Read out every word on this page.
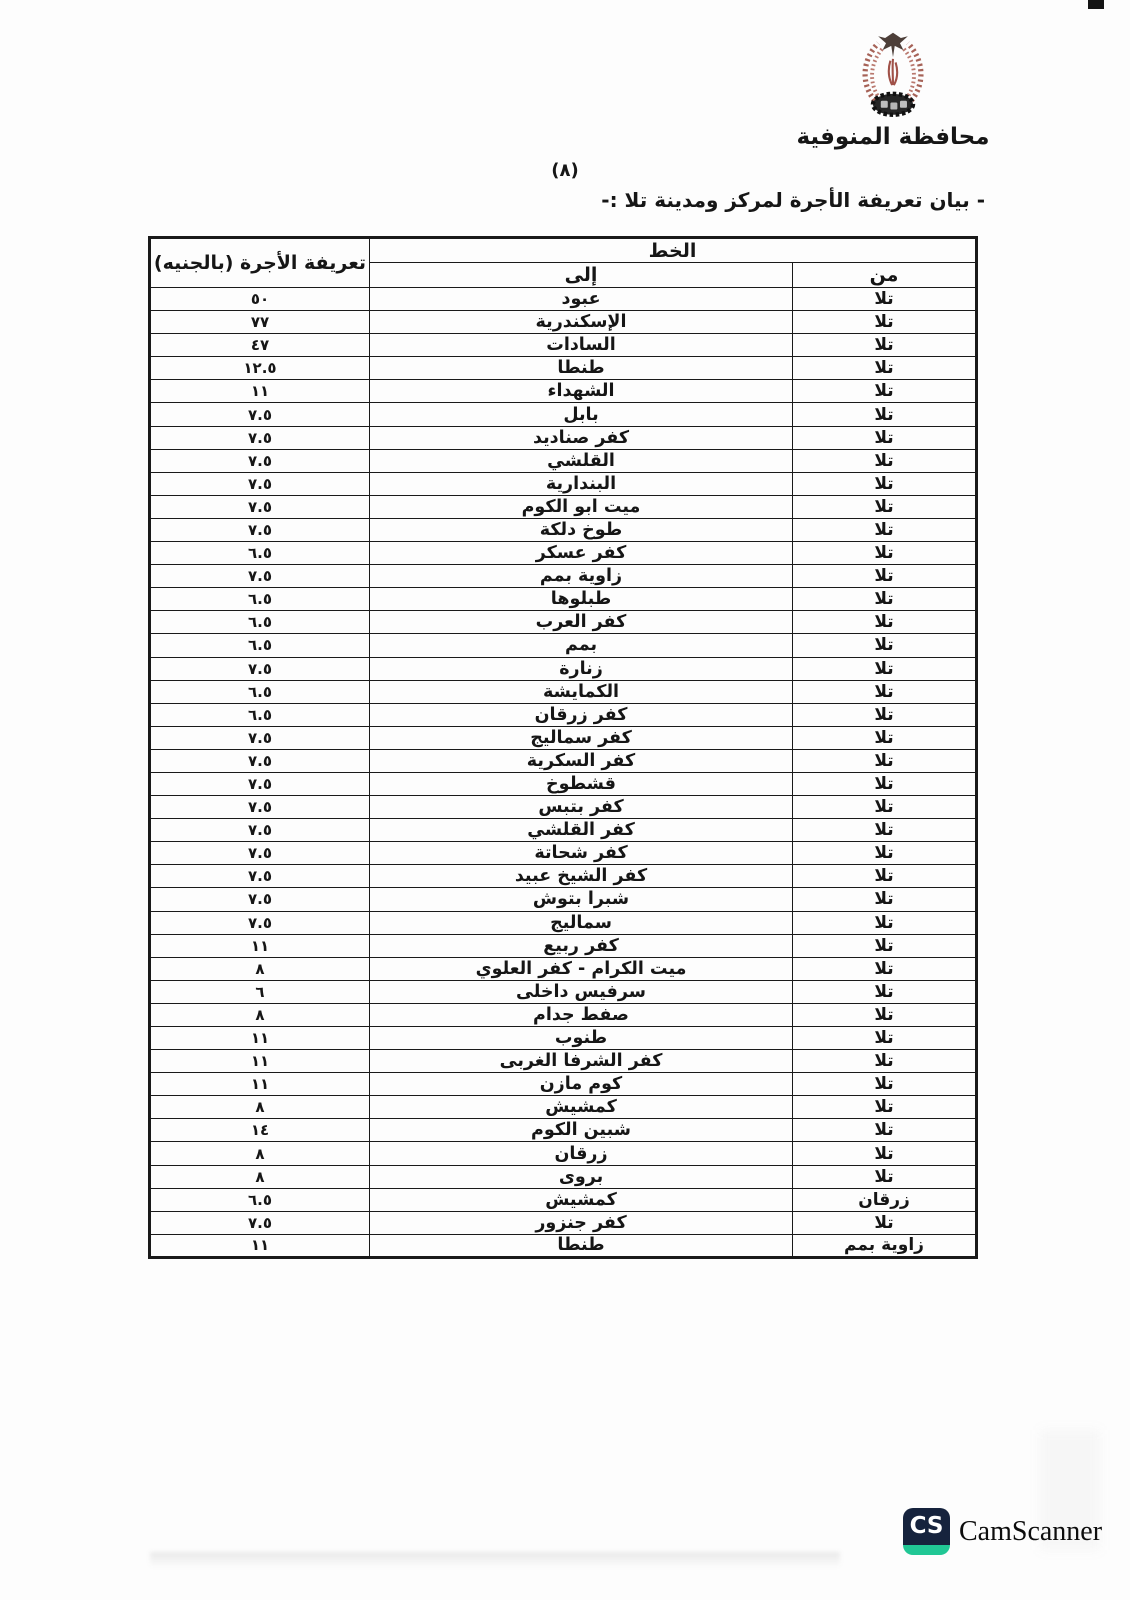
محافظة المنوفية
(٨)
- بيان تعريفة الأجرة لمركز ومدينة تلا :-
الخط		تعريفة الأجرة (بالجنيه)
من	إلى	
تلا	عبود	٥٠
تلا	الإسكندرية	٧٧
تلا	السادات	٤٧
تلا	طنطا	١٢.٥
تلا	الشهداء	١١
تلا	بابل	٧.٥
تلا	كفر صناديد	٧.٥
تلا	القلشي	٧.٥
تلا	البندارية	٧.٥
تلا	ميت ابو الكوم	٧.٥
تلا	طوخ دلكة	٧.٥
تلا	كفر عسكر	٦.٥
تلا	زاوية بمم	٧.٥
تلا	طبلوها	٦.٥
تلا	كفر العرب	٦.٥
تلا	بمم	٦.٥
تلا	زنارة	٧.٥
تلا	الكمايشة	٦.٥
تلا	كفر زرقان	٦.٥
تلا	كفر سماليج	٧.٥
تلا	كفر السكرية	٧.٥
تلا	قشطوخ	٧.٥
تلا	كفر بتبس	٧.٥
تلا	كفر القلشي	٧.٥
تلا	كفر شحاتة	٧.٥
تلا	كفر الشيخ عبيد	٧.٥
تلا	شبرا بتوش	٧.٥
تلا	سماليج	٧.٥
تلا	كفر ربيع	١١
تلا	ميت الكرام - كفر العلوي	٨
تلا	سرفيس داخلى	٦
تلا	صفط جدام	٨
تلا	طنوب	١١
تلا	كفر الشرفا الغربى	١١
تلا	كوم مازن	١١
تلا	كمشيش	٨
تلا	شبين الكوم	١٤
تلا	زرقان	٨
تلا	بروى	٨
زرقان	كمشيش	٦.٥
تلا	كفر جنزور	٧.٥
زاوية بمم	طنطا	١١
CS CamScanner
